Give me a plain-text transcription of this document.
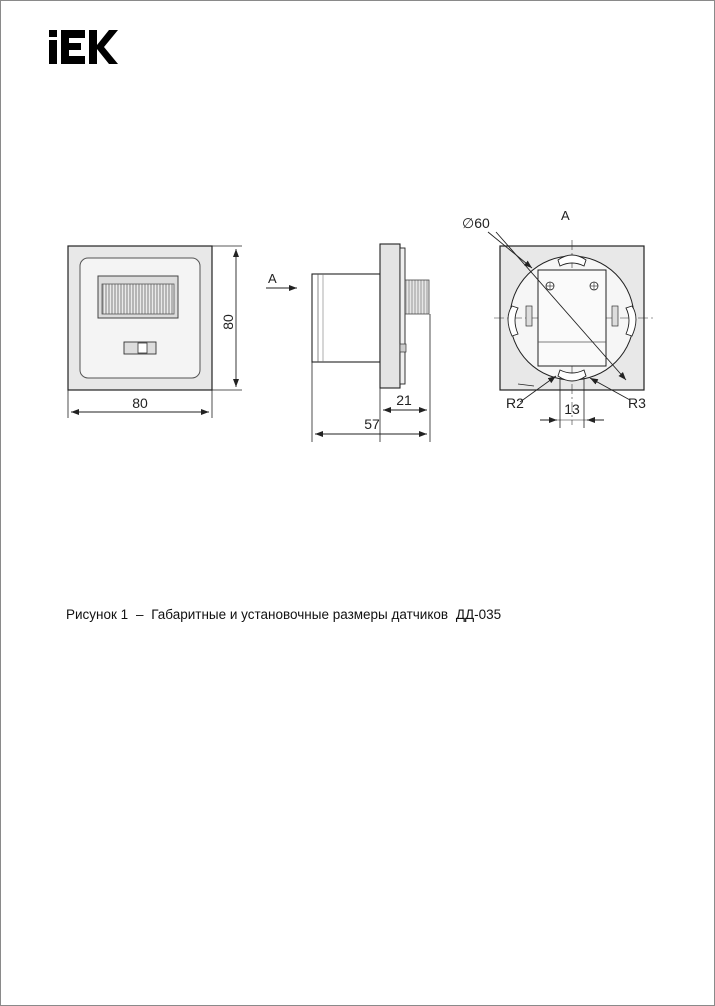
80
80
A
21
57
A
∅60
R2	R3
13
Рисунок 1 – Габаритные и установочные размеры датчиков ДД-035
